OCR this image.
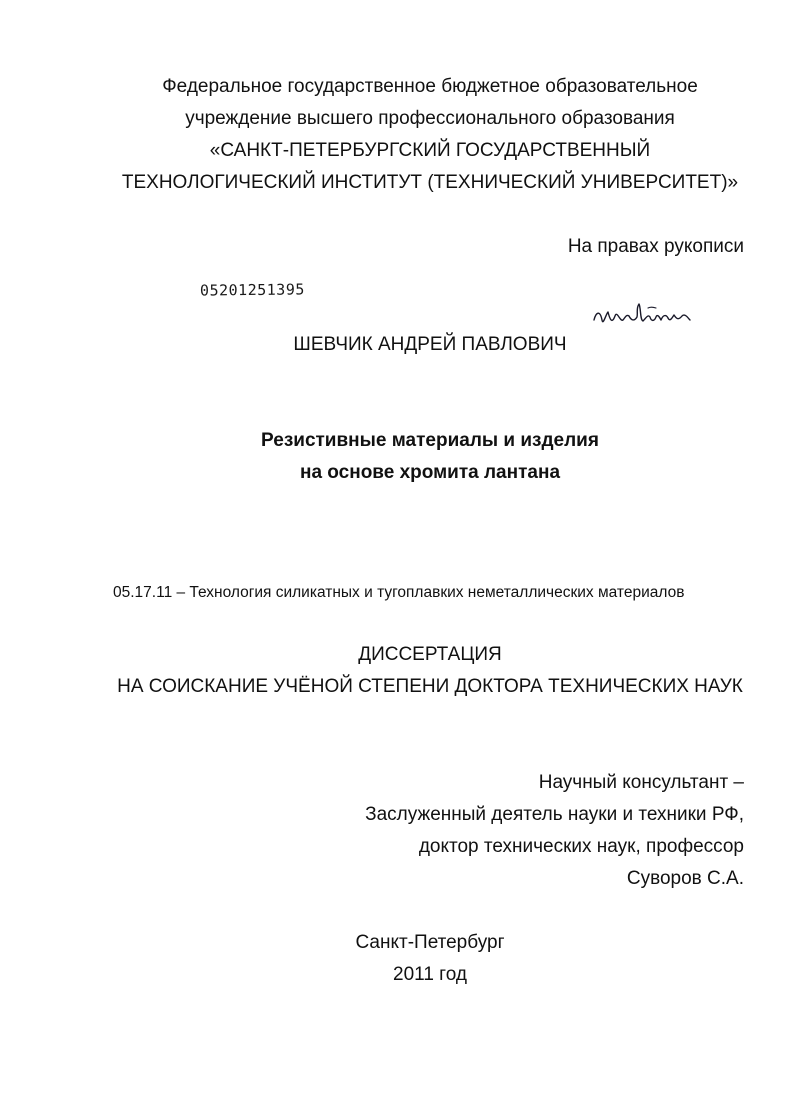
Федеральное государственное бюджетное образовательное
учреждение высшего профессионального образования
«САНКТ-ПЕТЕРБУРГСКИЙ ГОСУДАРСТВЕННЫЙ
ТЕХНОЛОГИЧЕСКИЙ ИНСТИТУТ (ТЕХНИЧЕСКИЙ УНИВЕРСИТЕТ)»
На правах рукописи
05201251395
ШЕВЧИК АНДРЕЙ ПАВЛОВИЧ
Резистивные материалы и изделия
на основе хромита лантана
05.17.11 – Технология силикатных и тугоплавких неметаллических материалов
ДИССЕРТАЦИЯ
НА СОИСКАНИЕ УЧЁНОЙ СТЕПЕНИ ДОКТОРА ТЕХНИЧЕСКИХ НАУК
Научный консультант –
Заслуженный деятель науки и техники РФ,
доктор технических наук, профессор
Суворов С.А.
Санкт-Петербург
2011 год
